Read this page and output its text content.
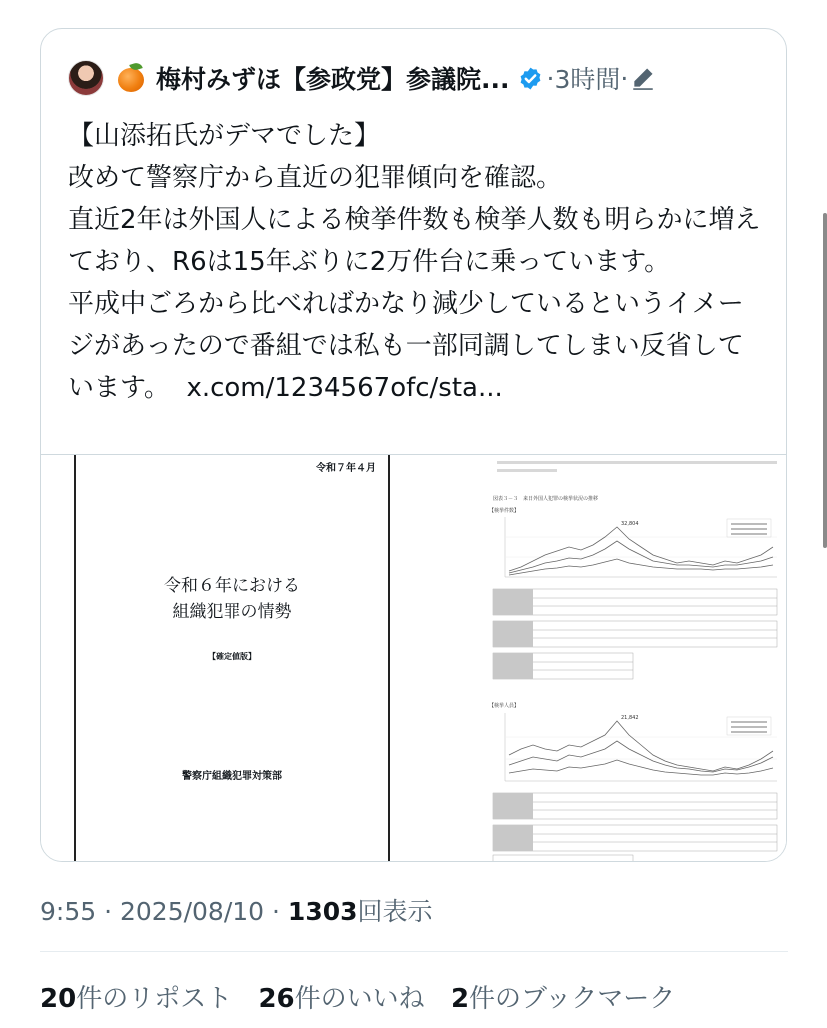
梅村みずほ【参政党】参議院... · 3時間 ·

【山添拓氏がデマでした】
改めて警察庁から直近の犯罪傾向を確認。
直近2年は外国人による検挙件数も検挙人数も明らかに増えており、R6は15年ぶりに2万件台に乗っています。
平成中ごろから比べればかなり減少しているというイメージがあったので番組では私も一部同調してしまい反省しています。 x.com/1234567ofc/sta...

令和７年４月
令和６年における
組織犯罪の情勢
【確定値版】
警察庁組織犯罪対策部
図表３－３　来日外国人犯罪の検挙状況の推移
【検挙件数】
32,804
【検挙人員】
21,842
9:55 · 2025/08/10 · 1303回表示
20件のリポスト 26件のいいね 2件のブックマーク
